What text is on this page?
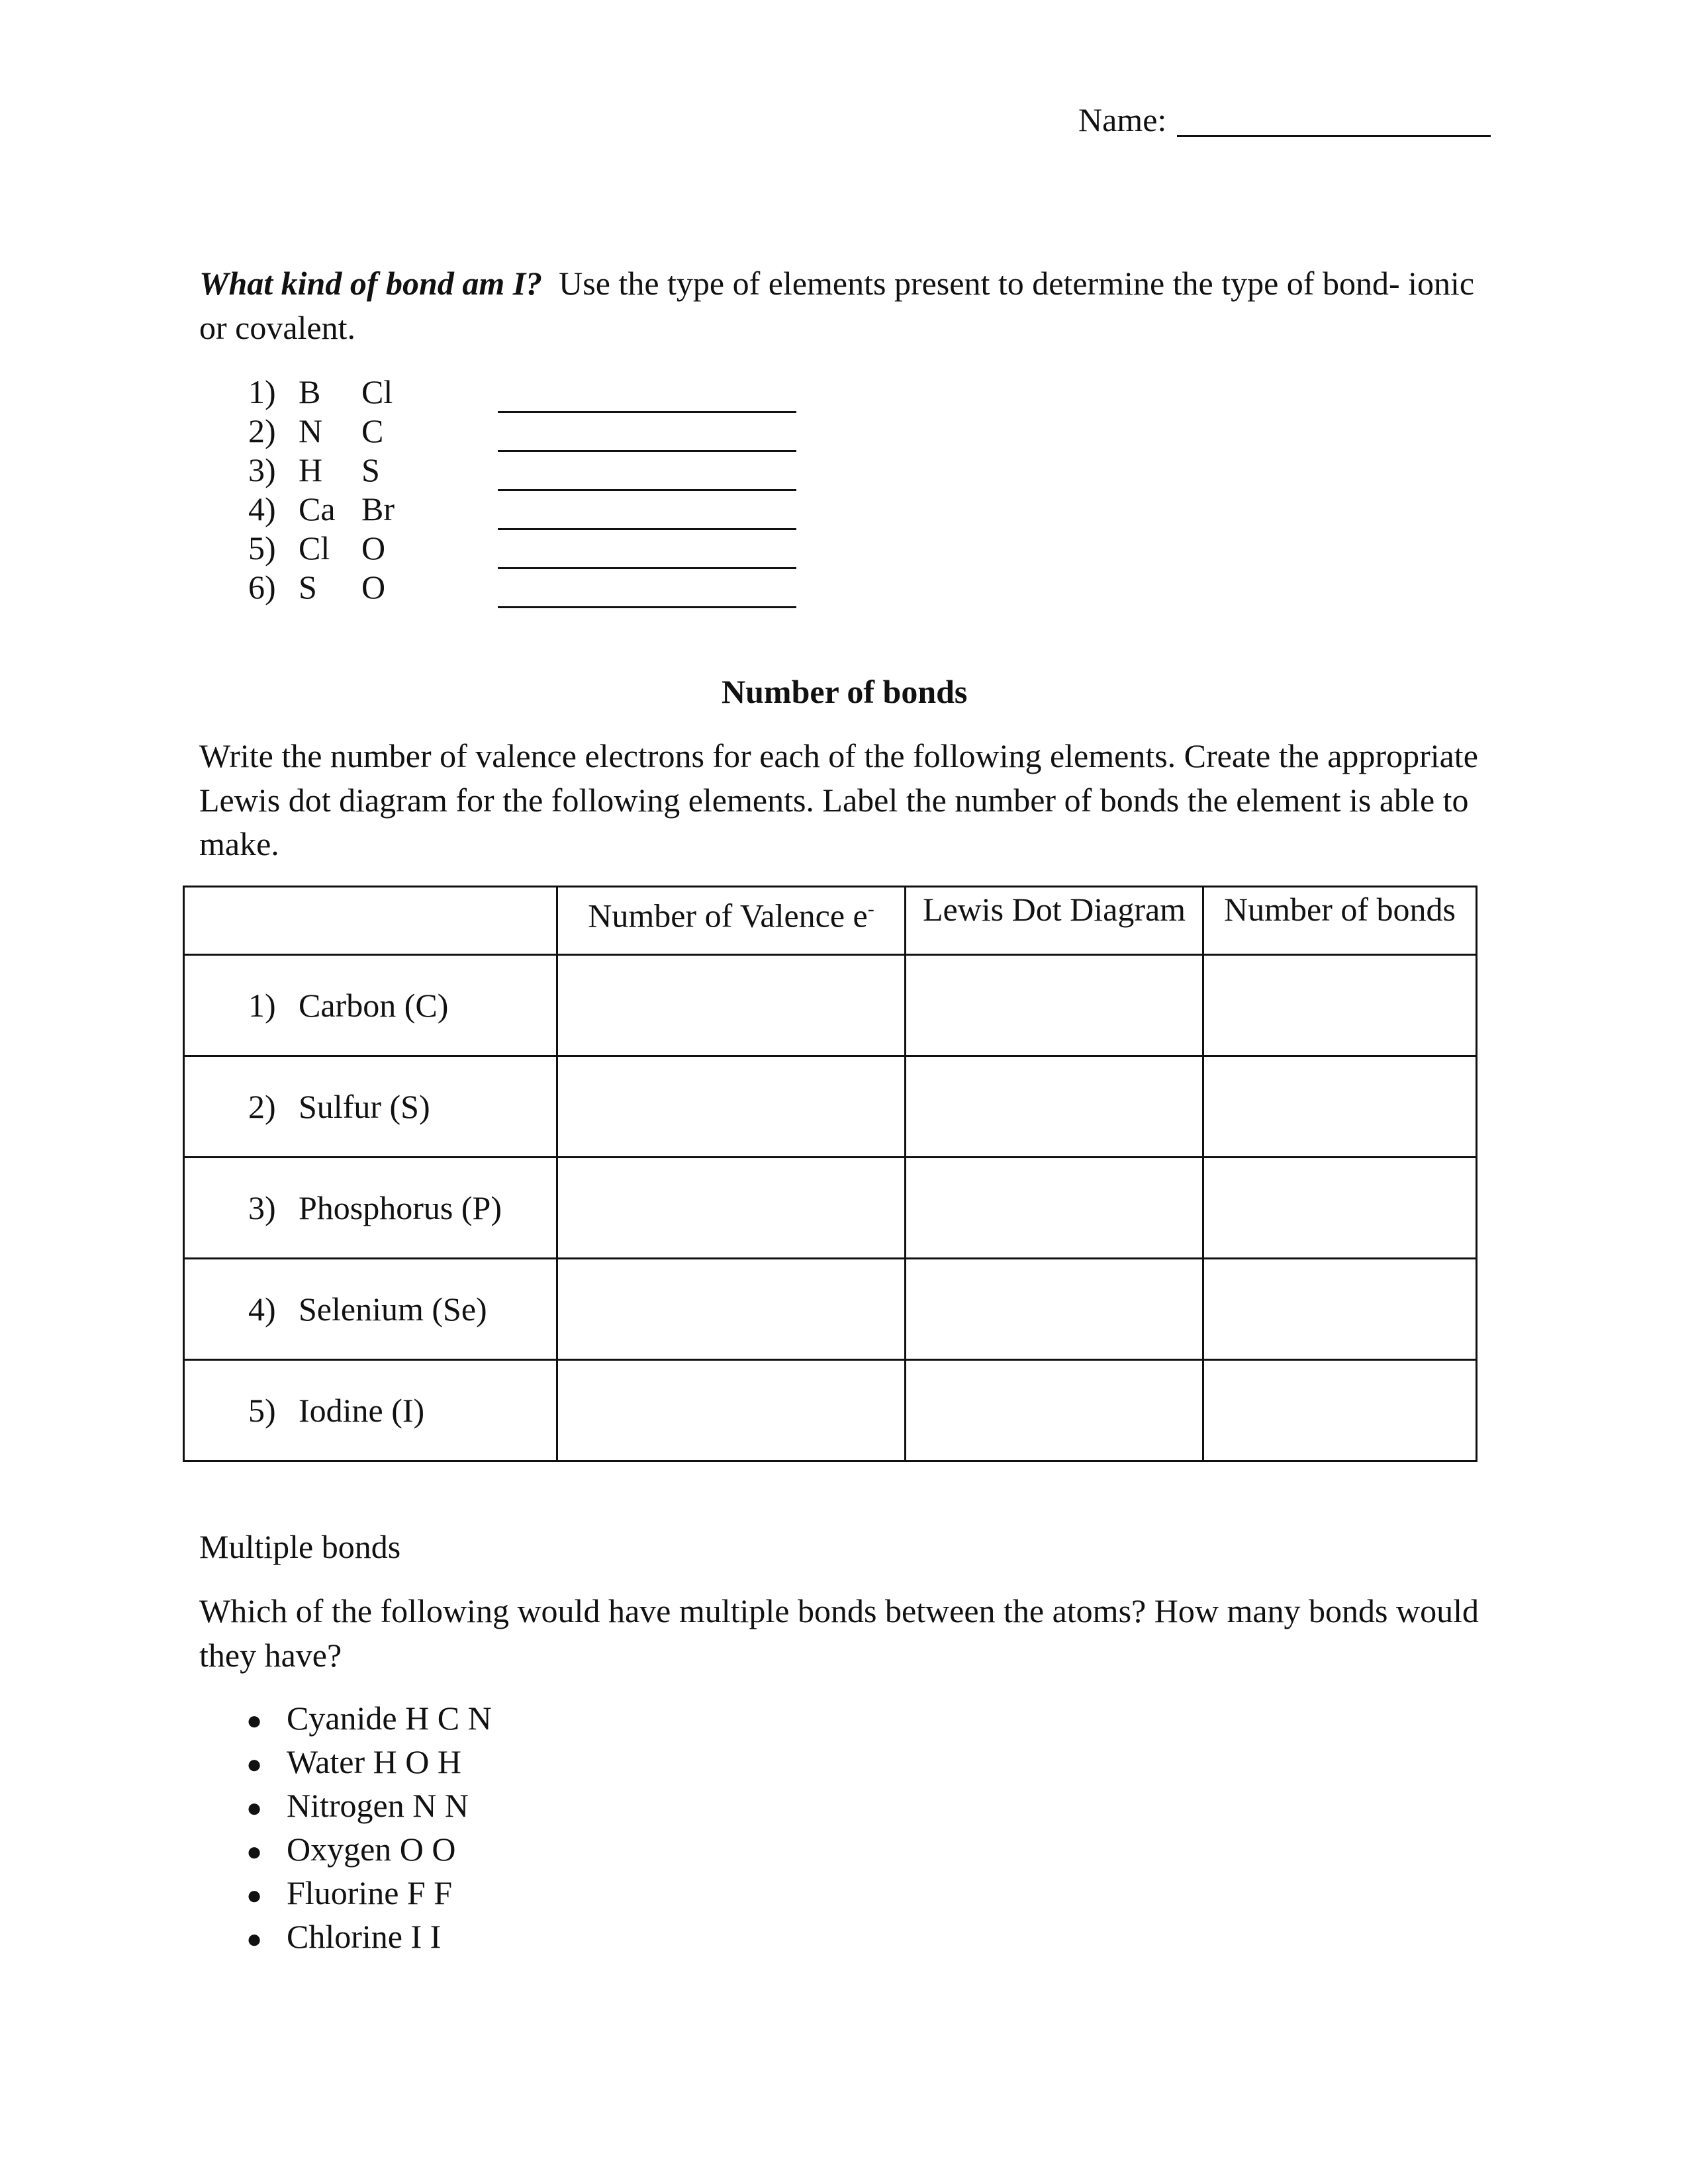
Name:
What kind of bond am I? Use the type of elements present to determine the type of bond- ionic
or covalent.
1) B Cl
2) N C
3) H S
4) Ca Br
5) Cl O
6) S O
Number of bonds
Write the number of valence electrons for each of the following elements. Create the appropriate
Lewis dot diagram for the following elements. Label the number of bonds the element is able to
make.
	Number of Valence e-	Lewis Dot Diagram	Number of bonds
1) Carbon (C)			
2) Sulfur (S)			
3) Phosphorus (P)			
4) Selenium (Se)			
5) Iodine (I)			
Multiple bonds
Which of the following would have multiple bonds between the atoms? How many bonds would
they have?
● Cyanide H C N
● Water H O H
● Nitrogen N N
● Oxygen O O
● Fluorine F F
● Chlorine I I
